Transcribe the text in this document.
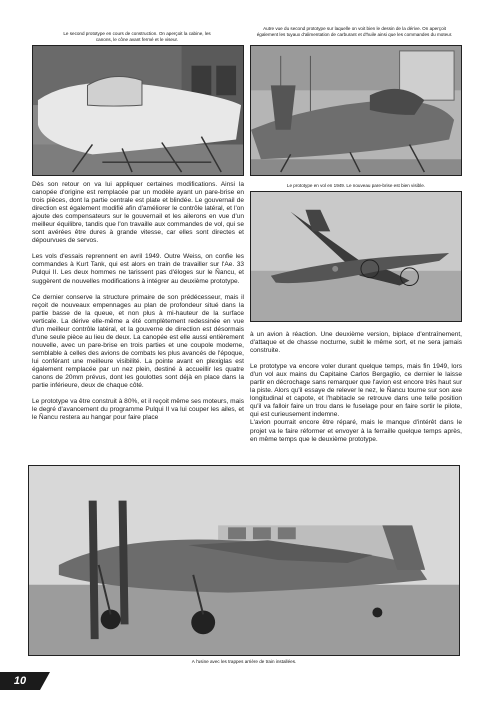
Le second prototype en cours de construction. On aperçoit la cabine, les canons, le cône avant fermé et le viseur.
Autre vue du second prototype sur laquelle on voit bien le dessin de la dérive. On aperçoit également les tuyaux d'alimentation de carburant et d'huile ainsi que les commandes du moteur.
Le prototype en vol en 1949. Le nouveau pare-brise est bien visible.

Dès son retour on va lui appliquer certaines modifications. Ainsi la canopée d'origine est remplacée par un modèle ayant un pare-brise en trois pièces, dont la partie centrale est plate et blindée. Le gouvernail de direction est également modifié afin d'améliorer le contrôle latéral, et l'on ajoute des compensateurs sur le gouvernail et les ailerons en vue d'un meilleur équilibre, tandis que l'on travaille aux commandes de vol, qui se sont avérées être dures à grande vitesse, car elles sont directes et dépourvues de servos.

Les vols d'essais reprennent en avril 1949. Outre Weiss, on confie les commandes à Kurt Tank, qui est alors en train de travailler sur l'Ae. 33 Pulqui II. Les deux hommes ne tarissent pas d'éloges sur le Ñancu, et suggèrent de nouvelles modifications à intégrer au deuxième prototype.

Ce dernier conserve la structure primaire de son prédécesseur, mais il reçoit de nouveaux empennages au plan de profondeur situé dans la partie basse de la queue, et non plus à mi-hauteur de la surface verticale. La dérive elle-même a été complètement redessinée en vue d'un meilleur contrôle latéral, et la gouverne de direction est désormais d'une seule pièce au lieu de deux. La canopée est elle aussi entièrement nouvelle, avec un pare-brise en trois parties et une coupole moderne, semblable à celles des avions de combats les plus avancés de l'époque, lui conférant une meilleure visibilité. La pointe avant en plexiglas est également remplacée par un nez plein, destiné à accueillir les quatre canons de 20mm prévus, dont les goulottes sont déjà en place dans la partie inférieure, deux de chaque côté.

Le prototype va être construit à 80%, et il reçoit même ses moteurs, mais le degré d'avancement du programme Pulqui II va lui couper les ailes, et le Ñancu restera au hangar pour faire place

à un avion à réaction. Une deuxième version, biplace d'entraînement, d'attaque et de chasse nocturne, subit le même sort, et ne sera jamais construite.

Le prototype va encore voler durant quelque temps, mais fin 1949, lors d'un vol aux mains du Capitaine Carlos Bergaglio, ce dernier le laisse partir en décrochage sans remarquer que l'avion est encore très haut sur la piste. Alors qu'il essaye de relever le nez, le Ñancu tourne sur son axe longitudinal et capote, et l'habitacle se retrouve dans une telle position qu'il va falloir faire un trou dans le fuselage pour en faire sortir le pilote, qui est curieusement indemne.

L'avion pourrait encore être réparé, mais le manque d'intérêt dans le projet va le faire réformer et envoyer à la ferraille quelque temps après, en même temps que le deuxième prototype.

A l'usine avec les trappes arrière de train installées.
10
